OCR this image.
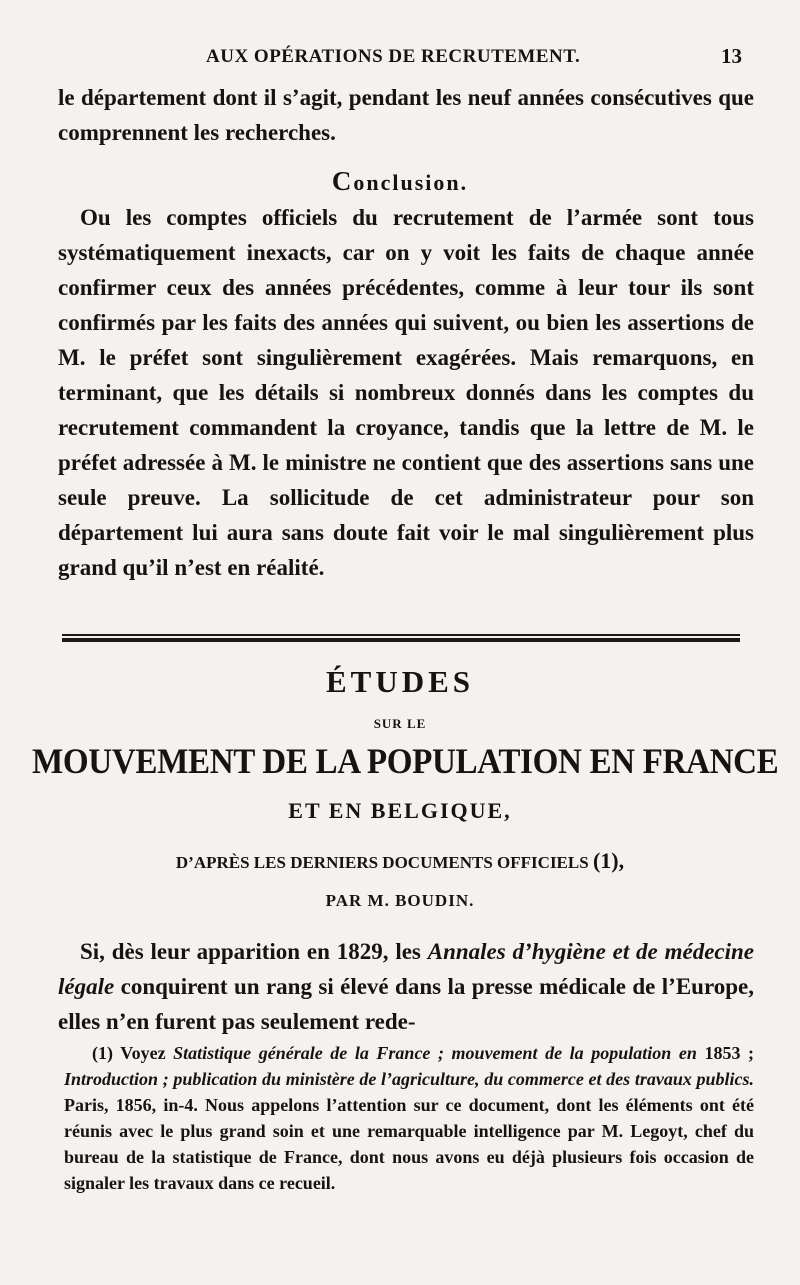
AUX OPÉRATIONS DE RECRUTEMENT.	13

le département dont il s’agit, pendant les neuf années consécutives que comprennent les recherches.

Conclusion.

Ou les comptes officiels du recrutement de l’armée sont tous systématiquement inexacts, car on y voit les faits de chaque année confirmer ceux des années précédentes, comme à leur tour ils sont confirmés par les faits des années qui suivent, ou bien les assertions de M. le préfet sont singulièrement exagérées. Mais remarquons, en terminant, que les détails si nombreux donnés dans les comptes du recrutement commandent la croyance, tandis que la lettre de M. le préfet adressée à M. le ministre ne contient que des assertions sans une seule preuve. La sollicitude de cet administrateur pour son département lui aura sans doute fait voir le mal singulièrement plus grand qu’il n’est en réalité.

ÉTUDES
SUR LE
MOUVEMENT DE LA POPULATION EN FRANCE
ET EN BELGIQUE,
D’APRÈS LES DERNIERS DOCUMENTS OFFICIELS (1),
PAR M. BOUDIN.

Si, dès leur apparition en 1829, les Annales d’hygiène et de médecine légale conquirent un rang si élevé dans la presse médicale de l’Europe, elles n’en furent pas seulement rede-

(1) Voyez Statistique générale de la France ; mouvement de la population en 1853 ; Introduction ; publication du ministère de l’agriculture, du commerce et des travaux publics. Paris, 1856, in-4. Nous appelons l’attention sur ce document, dont les éléments ont été réunis avec le plus grand soin et une remarquable intelligence par M. Legoyt, chef du bureau de la statistique de France, dont nous avons eu déjà plusieurs fois occasion de signaler les travaux dans ce recueil.
